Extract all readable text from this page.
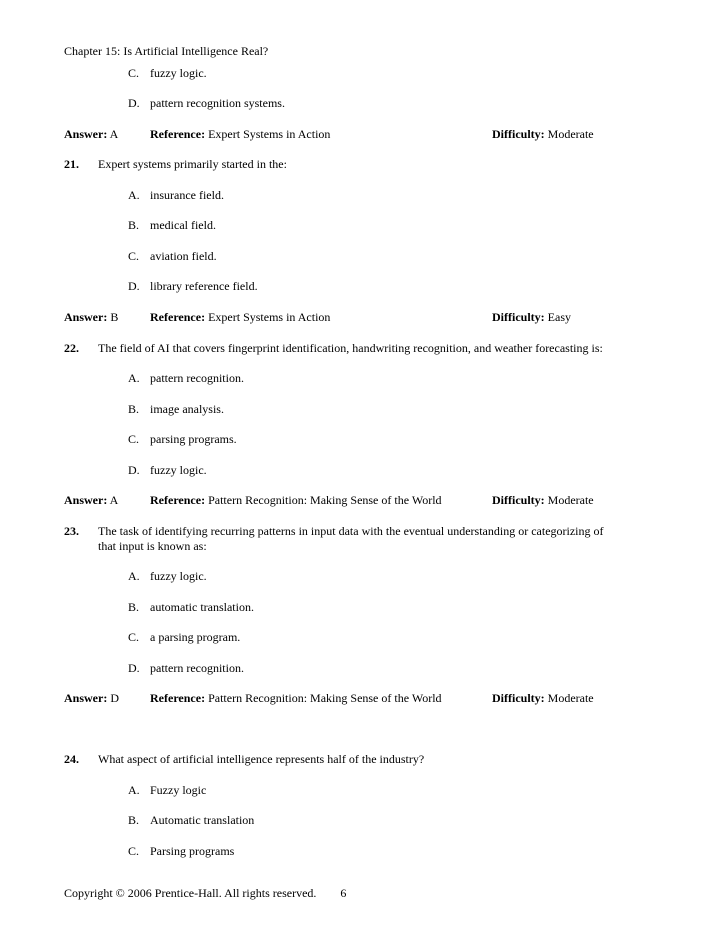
Chapter 15: Is Artificial Intelligence Real?
C. fuzzy logic.
D. pattern recognition systems.
Answer: A	Reference: Expert Systems in Action	Difficulty: Moderate
21. Expert systems primarily started in the:
A. insurance field.
B. medical field.
C. aviation field.
D. library reference field.
Answer: B	Reference: Expert Systems in Action	Difficulty: Easy
22. The field of AI that covers fingerprint identification, handwriting recognition, and weather forecasting is:
A. pattern recognition.
B. image analysis.
C. parsing programs.
D. fuzzy logic.
Answer: A	Reference: Pattern Recognition: Making Sense of the World	Difficulty: Moderate
23. The task of identifying recurring patterns in input data with the eventual understanding or categorizing of
that input is known as:
A. fuzzy logic.
B. automatic translation.
C. a parsing program.
D. pattern recognition.
Answer: D	Reference: Pattern Recognition: Making Sense of the World	Difficulty: Moderate
24. What aspect of artificial intelligence represents half of the industry?
A. Fuzzy logic
B. Automatic translation
C. Parsing programs
Copyright © 2006 Prentice-Hall. All rights reserved. 6
